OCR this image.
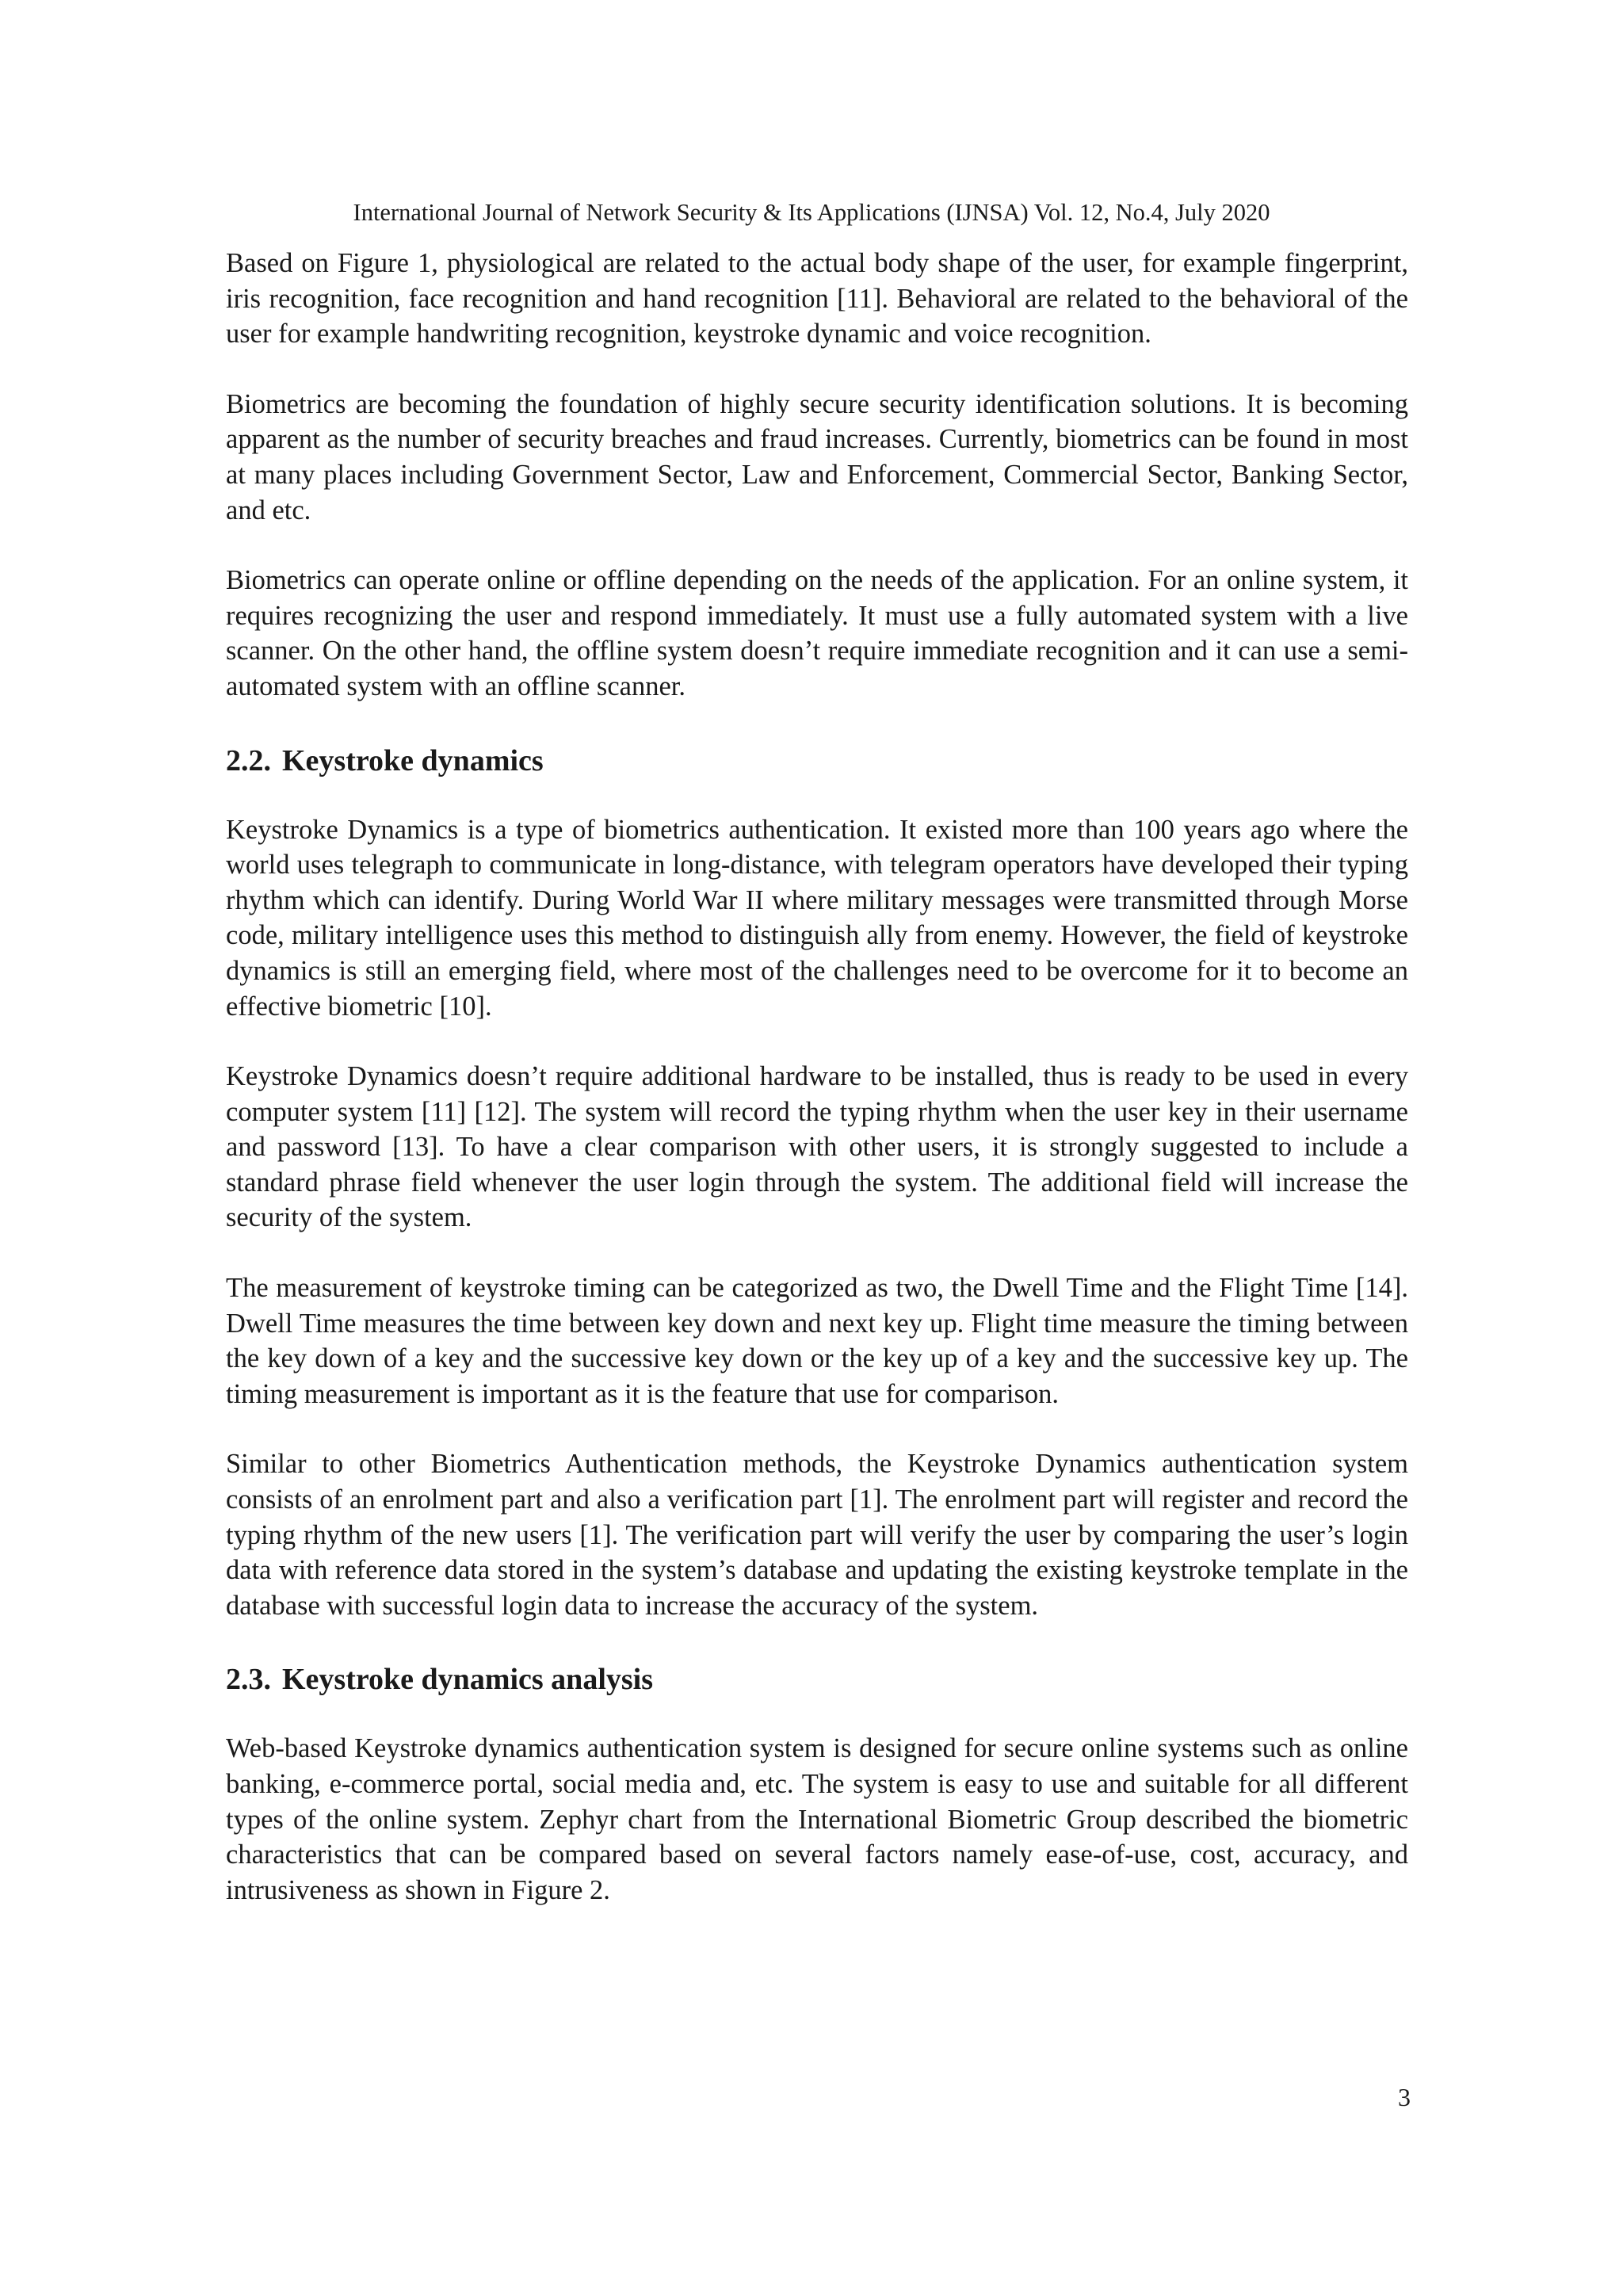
International Journal of Network Security & Its Applications (IJNSA) Vol. 12, No.4, July 2020

Based on Figure 1, physiological are related to the actual body shape of the user, for example fingerprint, iris recognition, face recognition and hand recognition [11]. Behavioral are related to the behavioral of the user for example handwriting recognition, keystroke dynamic and voice recognition.

Biometrics are becoming the foundation of highly secure security identification solutions. It is becoming apparent as the number of security breaches and fraud increases. Currently, biometrics can be found in most at many places including Government Sector, Law and Enforcement, Commercial Sector, Banking Sector, and etc.

Biometrics can operate online or offline depending on the needs of the application. For an online system, it requires recognizing the user and respond immediately. It must use a fully automated system with a live scanner. On the other hand, the offline system doesn’t require immediate recognition and it can use a semi-automated system with an offline scanner.

2.2. Keystroke dynamics

Keystroke Dynamics is a type of biometrics authentication. It existed more than 100 years ago where the world uses telegraph to communicate in long-distance, with telegram operators have developed their typing rhythm which can identify. During World War II where military messages were transmitted through Morse code, military intelligence uses this method to distinguish ally from enemy. However, the field of keystroke dynamics is still an emerging field, where most of the challenges need to be overcome for it to become an effective biometric [10].

Keystroke Dynamics doesn’t require additional hardware to be installed, thus is ready to be used in every computer system [11] [12]. The system will record the typing rhythm when the user key in their username and password [13]. To have a clear comparison with other users, it is strongly suggested to include a standard phrase field whenever the user login through the system. The additional field will increase the security of the system.

The measurement of keystroke timing can be categorized as two, the Dwell Time and the Flight Time [14]. Dwell Time measures the time between key down and next key up. Flight time measure the timing between the key down of a key and the successive key down or the key up of a key and the successive key up. The timing measurement is important as it is the feature that use for comparison.

Similar to other Biometrics Authentication methods, the Keystroke Dynamics authentication system consists of an enrolment part and also a verification part [1]. The enrolment part will register and record the typing rhythm of the new users [1]. The verification part will verify the user by comparing the user’s login data with reference data stored in the system’s database and updating the existing keystroke template in the database with successful login data to increase the accuracy of the system.

2.3. Keystroke dynamics analysis

Web-based Keystroke dynamics authentication system is designed for secure online systems such as online banking, e-commerce portal, social media and, etc. The system is easy to use and suitable for all different types of the online system. Zephyr chart from the International Biometric Group described the biometric characteristics that can be compared based on several factors namely ease-of-use, cost, accuracy, and intrusiveness as shown in Figure 2.

3
